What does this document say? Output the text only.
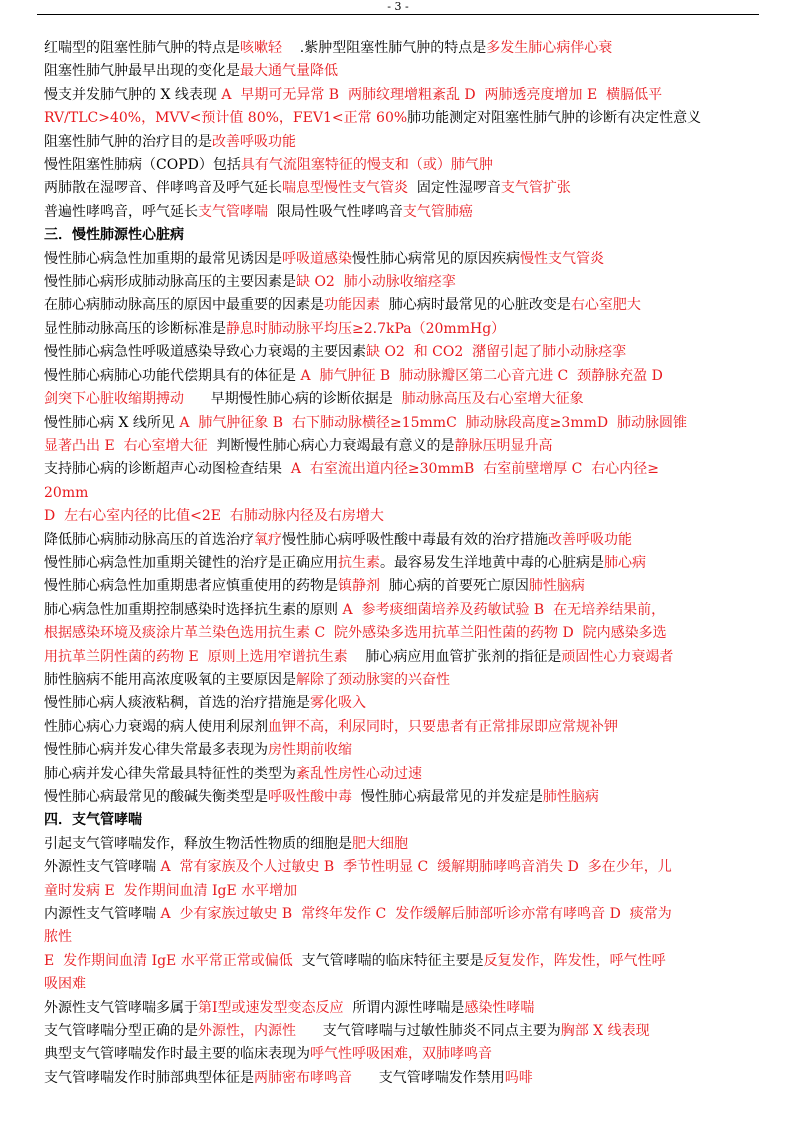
- 3 -
红喘型的阻塞性肺气肿的特点是咳嗽轻    .紫肿型阻塞性肺气肿的特点是多发生肺心病伴心衰
阻塞性肺气肿最早出现的变化是最大通气量降低
慢支并发肺气肿的 X 线表现 A  早期可无异常 B  两肺纹理增粗紊乱 D  两肺透亮度增加 E  横膈低平
RV/TLC>40%，MVV<预计值 80%，FEV1<正常 60%肺功能测定对阻塞性肺气肿的诊断有决定性意义
阻塞性肺气肿的治疗目的是改善呼吸功能
慢性阻塞性肺病（COPD）包括具有气流阻塞特征的慢支和（或）肺气肿
两肺散在湿啰音、伴哮鸣音及呼气延长喘息型慢性支气管炎  固定性湿啰音支气管扩张
普遍性哮鸣音，呼气延长支气管哮喘  限局性吸气性哮鸣音支气管肺癌
三．慢性肺源性心脏病
慢性肺心病急性加重期的最常见诱因是呼吸道感染慢性肺心病常见的原因疾病慢性支气管炎
慢性肺心病形成肺动脉高压的主要因素是缺 O2  肺小动脉收缩痉挛
在肺心病肺动脉高压的原因中最重要的因素是功能因素  肺心病时最常见的心脏改变是右心室肥大
显性肺动脉高压的诊断标准是静息时肺动脉平均压≥2.7kPa（20mmHg）
慢性肺心病急性呼吸道感染导致心力衰竭的主要因素缺 O2  和 CO2  潴留引起了肺小动脉痉挛
慢性肺心病肺心功能代偿期具有的体征是 A  肺气肿征 B  肺动脉瓣区第二心音亢进 C  颈静脉充盈 D
剑突下心脏收缩期搏动      早期慢性肺心病的诊断依据是  肺动脉高压及右心室增大征象
慢性肺心病 X 线所见 A  肺气肿征象 B  右下肺动脉横径≥15mmC  肺动脉段高度≥3mmD  肺动脉圆锥
显著凸出 E  右心室增大征  判断慢性肺心病心力衰竭最有意义的是静脉压明显升高
支持肺心病的诊断超声心动图检查结果  A  右室流出道内径≥30mmB  右室前壁增厚 C  右心内径≥
20mm
D  左右心室内径的比值<2E  右肺动脉内径及右房增大
降低肺心病肺动脉高压的首选治疗氧疗慢性肺心病呼吸性酸中毒最有效的治疗措施改善呼吸功能
慢性肺心病急性加重期关键性的治疗是正确应用抗生素。最容易发生洋地黄中毒的心脏病是肺心病
慢性肺心病急性加重期患者应慎重使用的药物是镇静剂  肺心病的首要死亡原因肺性脑病
肺心病急性加重期控制感染时选择抗生素的原则 A  参考痰细菌培养及药敏试验 B  在无培养结果前，
根据感染环境及痰涂片革兰染色选用抗生素 C  院外感染多选用抗革兰阳性菌的药物 D  院内感染多选
用抗革兰阴性菌的药物 E  原则上选用窄谱抗生素    肺心病应用血管扩张剂的指征是顽固性心力衰竭者
肺性脑病不能用高浓度吸氧的主要原因是解除了颈动脉窦的兴奋性
慢性肺心病人痰液粘稠，首选的治疗措施是雾化吸入
性肺心病心力衰竭的病人使用利尿剂血钾不高，利尿同时，只要患者有正常排尿即应常规补钾
慢性肺心病并发心律失常最多表现为房性期前收缩
肺心病并发心律失常最具特征性的类型为紊乱性房性心动过速
慢性肺心病最常见的酸碱失衡类型是呼吸性酸中毒  慢性肺心病最常见的并发症是肺性脑病
四．支气管哮喘
引起支气管哮喘发作，释放生物活性物质的细胞是肥大细胞
外源性支气管哮喘 A  常有家族及个人过敏史 B  季节性明显 C  缓解期肺哮鸣音消失 D  多在少年，儿
童时发病 E  发作期间血清 IgE 水平增加
内源性支气管哮喘 A  少有家族过敏史 B  常终年发作 C  发作缓解后肺部听诊亦常有哮鸣音 D  痰常为
脓性
E  发作期间血清 IgE 水平常正常或偏低  支气管哮喘的临床特征主要是反复发作，阵发性，呼气性呼
吸困难
外源性支气管哮喘多属于第Ⅰ型或速发型变态反应  所谓内源性哮喘是感染性哮喘
支气管哮喘分型正确的是外源性，内源性      支气管哮喘与过敏性肺炎不同点主要为胸部 X 线表现
典型支气管哮喘发作时最主要的临床表现为呼气性呼吸困难，双肺哮鸣音
支气管哮喘发作时肺部典型体征是两肺密布哮鸣音      支气管哮喘发作禁用吗啡
